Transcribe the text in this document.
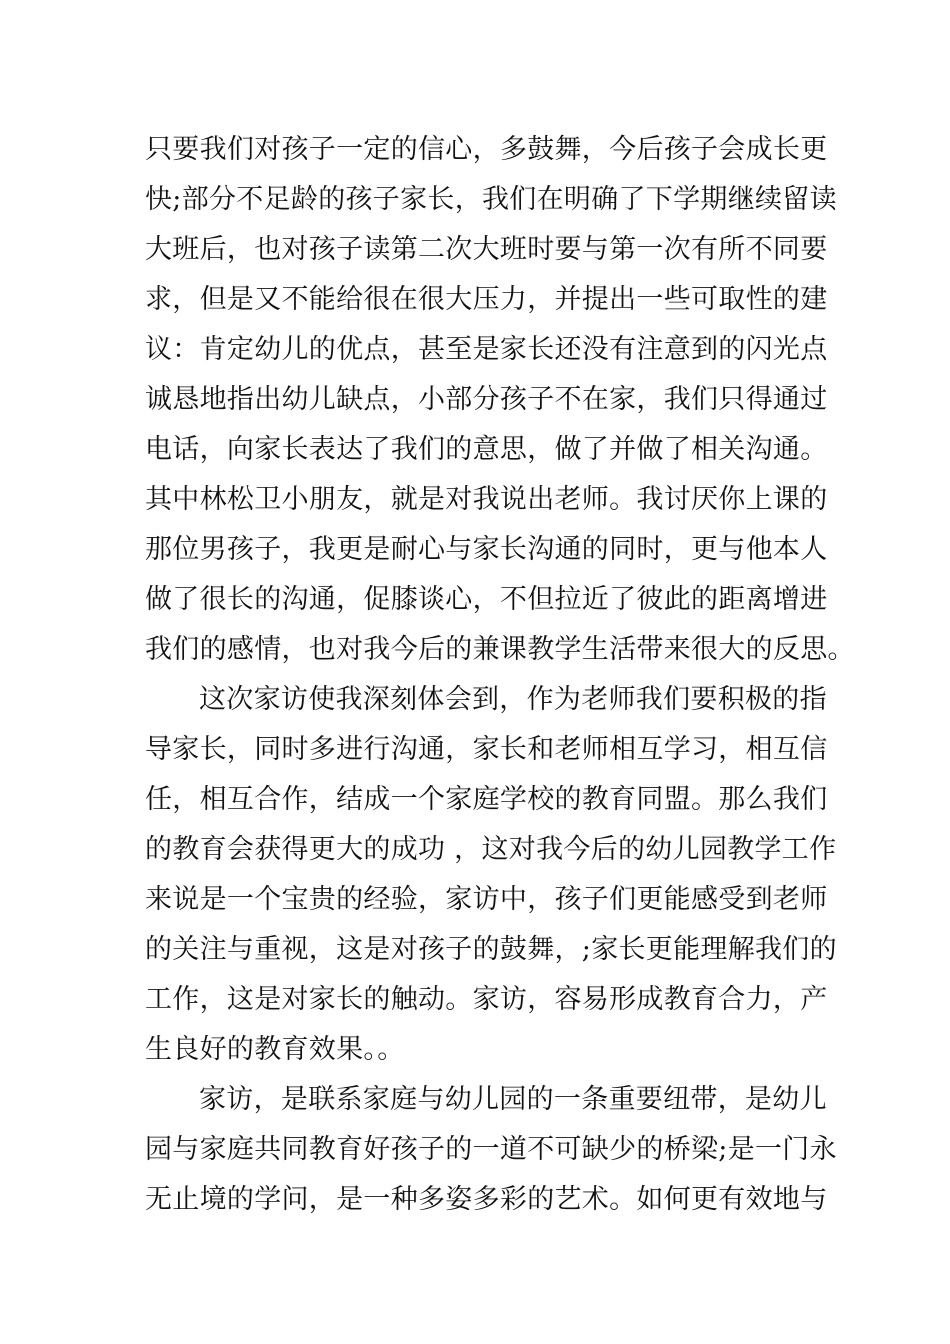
只要我们对孩子一定的信心，多鼓舞，今后孩子会成长更
快;部分不足龄的孩子家长，我们在明确了下学期继续留读
大班后，也对孩子读第二次大班时要与第一次有所不同要
求，但是又不能给很在很大压力，并提出一些可取性的建
议：肯定幼儿的优点，甚至是家长还没有注意到的闪光点
诚恳地指出幼儿缺点，小部分孩子不在家，我们只得通过
电话，向家长表达了我们的意思，做了并做了相关沟通。
其中林松卫小朋友，就是对我说出老师。我讨厌你上课的
那位男孩子，我更是耐心与家长沟通的同时，更与他本人
做了很长的沟通，促膝谈心，不但拉近了彼此的距离增进
我们的感情，也对我今后的兼课教学生活带来很大的反思。
这次家访使我深刻体会到，作为老师我们要积极的指
导家长，同时多进行沟通，家长和老师相互学习，相互信
任，相互合作，结成一个家庭学校的教育同盟。那么我们
的教育会获得更大的成功 ，这对我今后的幼儿园教学工作
来说是一个宝贵的经验，家访中，孩子们更能感受到老师
的关注与重视，这是对孩子的鼓舞，;家长更能理解我们的
工作，这是对家长的触动。家访，容易形成教育合力，产
生良好的教育效果。。
家访，是联系家庭与幼儿园的一条重要纽带，是幼儿
园与家庭共同教育好孩子的一道不可缺少的桥梁;是一门永
无止境的学问，是一种多姿多彩的艺术。如何更有效地与
